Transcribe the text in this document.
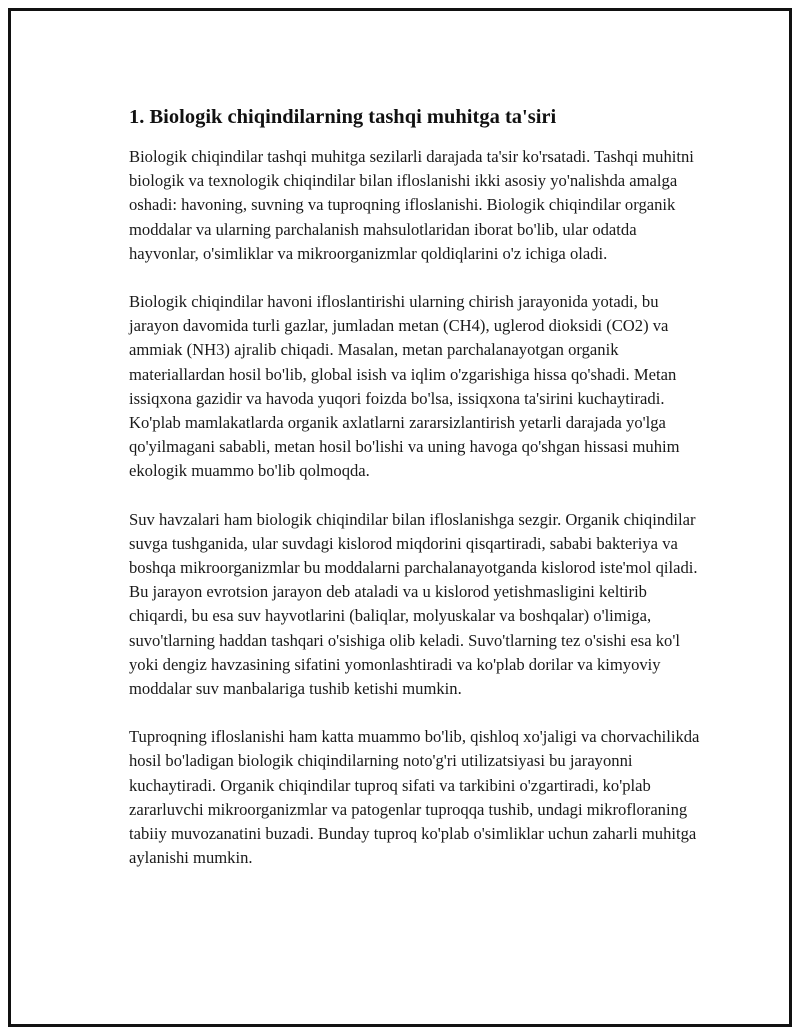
1. Biologik chiqindilarning tashqi muhitga ta'siri

Biologik chiqindilar tashqi muhitga sezilarli darajada ta'sir ko'rsatadi. Tashqi muhitni biologik va texnologik chiqindilar bilan ifloslanishi ikki asosiy yo'nalishda amalga oshadi: havoning, suvning va tuproqning ifloslanishi. Biologik chiqindilar organik moddalar va ularning parchalanish mahsulotlaridan iborat bo'lib, ular odatda hayvonlar, o'simliklar va mikroorganizmlar qoldiqlarini o'z ichiga oladi.

Biologik chiqindilar havoni ifloslantirishi ularning chirish jarayonida yotadi, bu jarayon davomida turli gazlar, jumladan metan (CH4), uglerod dioksidi (CO2) va ammiak (NH3) ajralib chiqadi. Masalan, metan parchalanayotgan organik materiallardan hosil bo'lib, global isish va iqlim o'zgarishiga hissa qo'shadi. Metan issiqxona gazidir va havoda yuqori foizda bo'lsa, issiqxona ta'sirini kuchaytiradi. Ko'plab mamlakatlarda organik axlatlarni zararsizlantirish yetarli darajada yo'lga qo'yilmagani sababli, metan hosil bo'lishi va uning havoga qo'shgan hissasi muhim ekologik muammo bo'lib qolmoqda.

Suv havzalari ham biologik chiqindilar bilan ifloslanishga sezgir. Organik chiqindilar suvga tushganida, ular suvdagi kislorod miqdorini qisqartiradi, sababi bakteriya va boshqa mikroorganizmlar bu moddalarni parchalanayotganda kislorod iste'mol qiladi. Bu jarayon evrotsion jarayon deb ataladi va u kislorod yetishmasligini keltirib chiqardi, bu esa suv hayvotlarini (baliqlar, molyuskalar va boshqalar) o'limiga, suvo'tlarning haddan tashqari o'sishiga olib keladi. Suvo'tlarning tez o'sishi esa ko'l yoki dengiz havzasining sifatini yomonlashtiradi va ko'plab dorilar va kimyoviy moddalar suv manbalariga tushib ketishi mumkin.

Tuproqning ifloslanishi ham katta muammo bo'lib, qishloq xo'jaligi va chorvachilikda hosil bo'ladigan biologik chiqindilarning noto'g'ri utilizatsiyasi bu jarayonni kuchaytiradi. Organik chiqindilar tuproq sifati va tarkibini o'zgartiradi, ko'plab zararluvchi mikroorganizmlar va patogenlar tuproqqa tushib, undagi mikrofloraning tabiiy muvozanatini buzadi. Bunday tuproq ko'plab o'simliklar uchun zaharli muhitga aylanishi mumkin.
